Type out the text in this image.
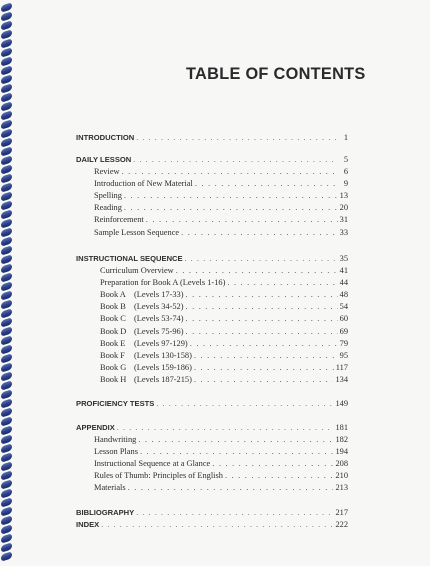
TABLE OF CONTENTS
INTRODUCTION . . .	1
DAILY LESSON . . .	5
Review . . .	6
Introduction of New Material . . .	9
Spelling . . .	13
Reading . . .	20
Reinforcement . . .	31
Sample Lesson Sequence . . .	33
INSTRUCTIONAL SEQUENCE . . .	35
Curriculum Overview . . .	41
Preparation for Book A (Levels 1-16) . . .	44
Book A (Levels 17-33) . . .	48
Book B (Levels 34-52) . . .	54
Book C (Levels 53-74) . . .	60
Book D (Levels 75-96) . . .	69
Book E	(Levels 97-129) . . .	79
Book F	(Levels 130-158) . . .	95
Book G (Levels 159-186) . . .	117
Book H (Levels 187-215) . . .	134
PROFICIENCY TESTS . . .	149
APPENDIX . . .	181
Handwriting . . .	182
Lesson Plans . . .	194
Instructional Sequence at a Glance . . .	208
Rules of Thumb: Principles of English . . .	210
Materials . . .	213
BIBLIOGRAPHY . . .	217
INDEX . . .	222
